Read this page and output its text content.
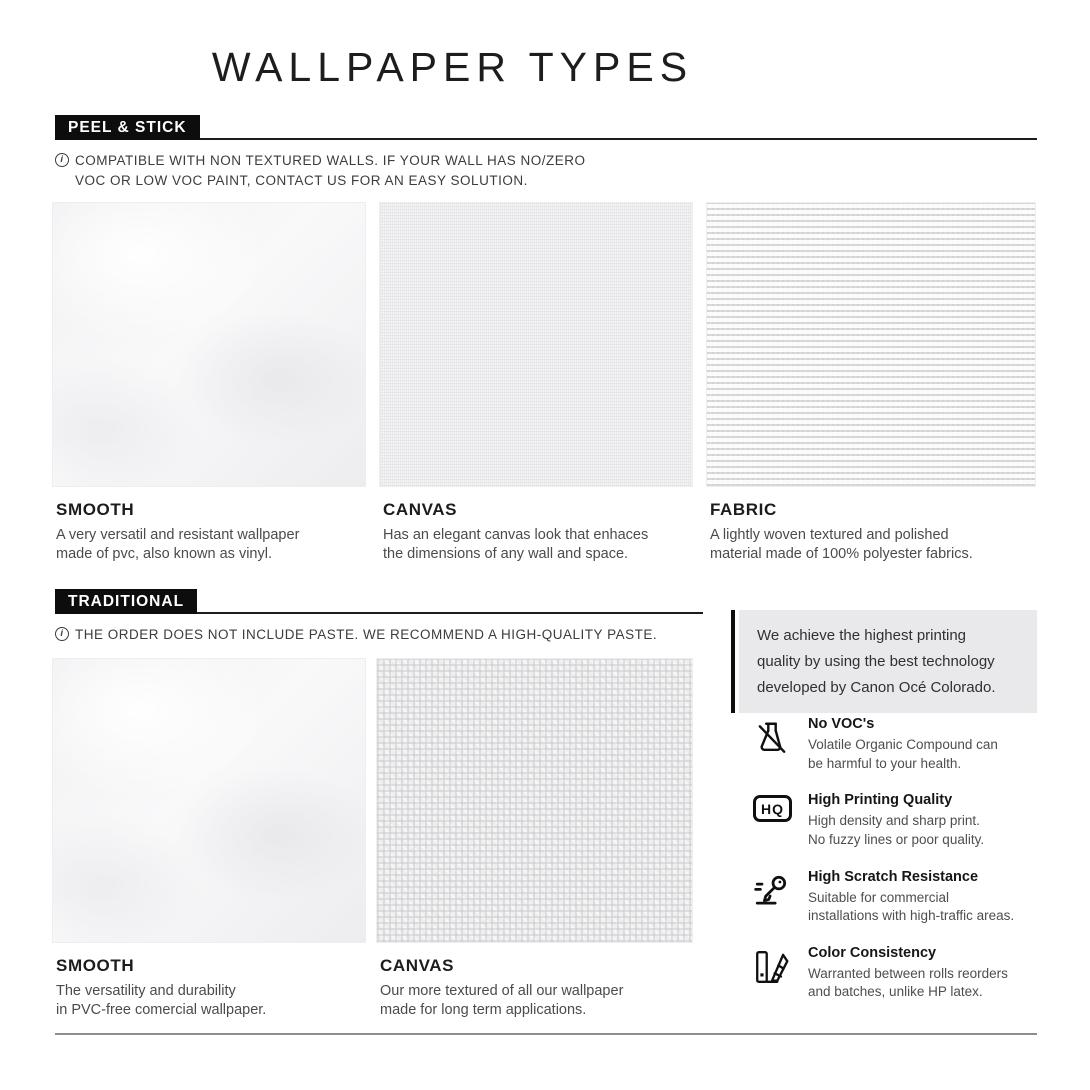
WALLPAPER TYPES
PEEL & STICK
i COMPATIBLE WITH NON TEXTURED WALLS. IF YOUR WALL HAS NO/ZERO
VOC OR LOW VOC PAINT, CONTACT US FOR AN EASY SOLUTION.
SMOOTH

A very versatil and resistant wallpaper
made of pvc, also known as vinyl.

CANVAS

Has an elegant canvas look that enhaces
the dimensions of any wall and space.

FABRIC

A lightly woven textured and polished
material made of 100% polyester fabrics.

TRADITIONAL
i THE ORDER DOES NOT INCLUDE PASTE. WE RECOMMEND A HIGH-QUALITY PASTE.
SMOOTH

The versatility and durability
in PVC-free comercial wallpaper.

CANVAS

Our more textured of all our wallpaper
made for long term applications.

We achieve the highest printing
quality by using the best technology
developed by Canon Océ Colorado.
No VOC's
Volatile Organic Compound can
be harmful to your health.
HQ
High Printing Quality
High density and sharp print.
No fuzzy lines or poor quality.
High Scratch Resistance
Suitable for commercial
installations with high-traffic areas.
Color Consistency
Warranted between rolls reorders
and batches, unlike HP latex.
